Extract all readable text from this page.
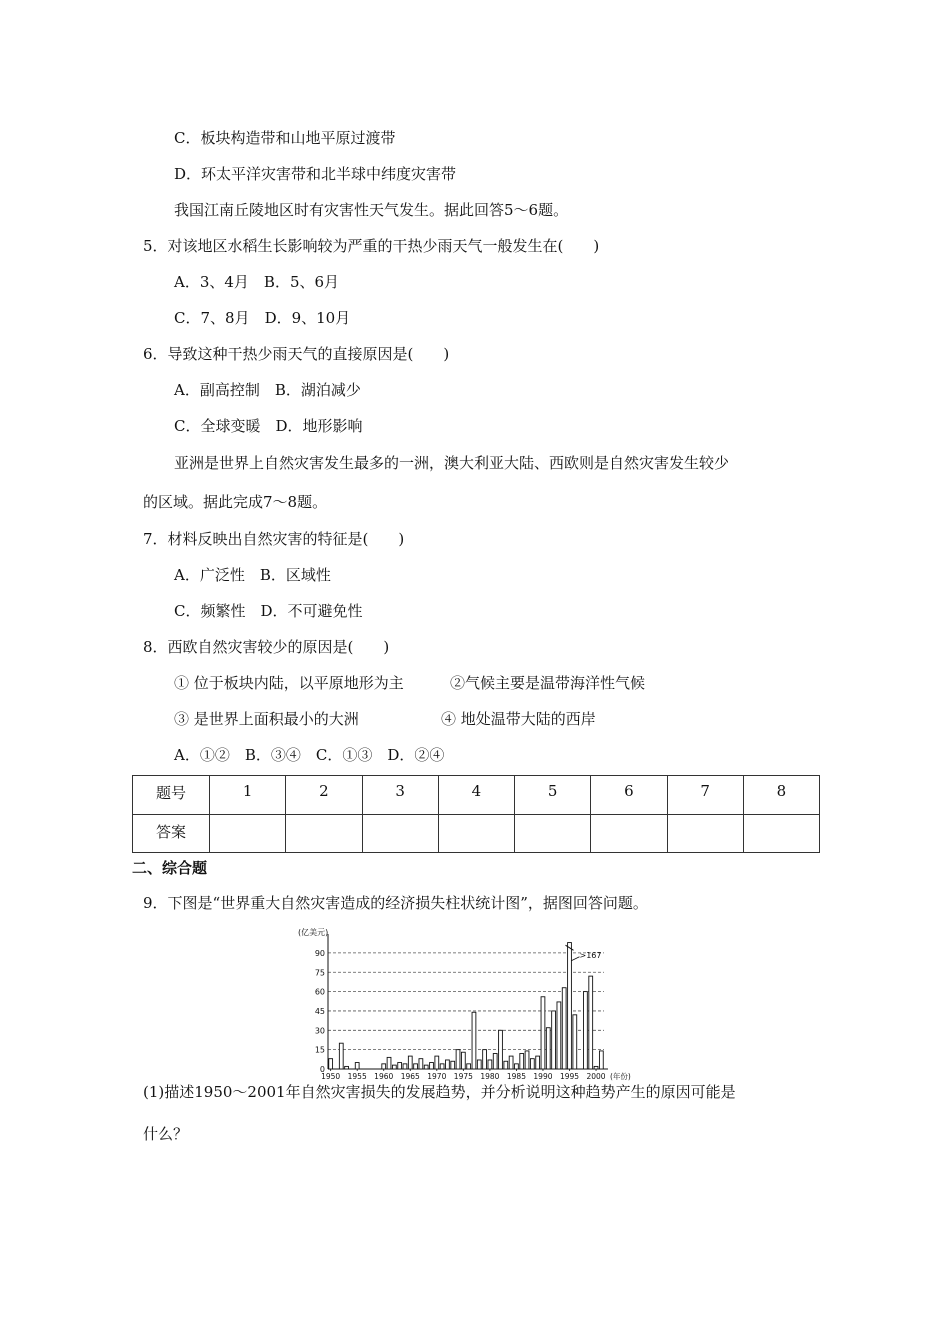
C．板块构造带和山地平原过渡带
D．环太平洋灾害带和北半球中纬度灾害带
我国江南丘陵地区时有灾害性天气发生。据此回答5～6题。
5．对该地区水稻生长影响较为严重的干热少雨天气一般发生在(　　)
A．3、4月　B．5、6月
C．7、8月　D．9、10月
6．导致这种干热少雨天气的直接原因是(　　)
A．副高控制　B．湖泊减少
C．全球变暖　D．地形影响
亚洲是世界上自然灾害发生最多的一洲，澳大利亚大陆、西欧则是自然灾害发生较少
的区域。据此完成7～8题。
7．材料反映出自然灾害的特征是(　　)
A．广泛性　B．区域性
C．频繁性　D．不可避免性
8．西欧自然灾害较少的原因是(　　)
① 位于板块内陆，以平原地形为主	②气候主要是温带海洋性气候
③ 是世界上面积最小的大洲	④ 地处温带大陆的西岸
A．①②　B．③④　C．①③　D．②④
题号	1	2	3	4	5	6	7	8
答案								
二、综合题
9．下图是“世界重大自然灾害造成的经济损失柱状统计图”，据图回答问题。
0
15
30
45
60
75
90
(亿美元)
1950 1955 1960 1965 1970 1975 1980 1985 1990 1995 2000 (年份)
>167
(1)描述1950～2001年自然灾害损失的发展趋势，并分析说明这种趋势产生的原因可能是
什么？
